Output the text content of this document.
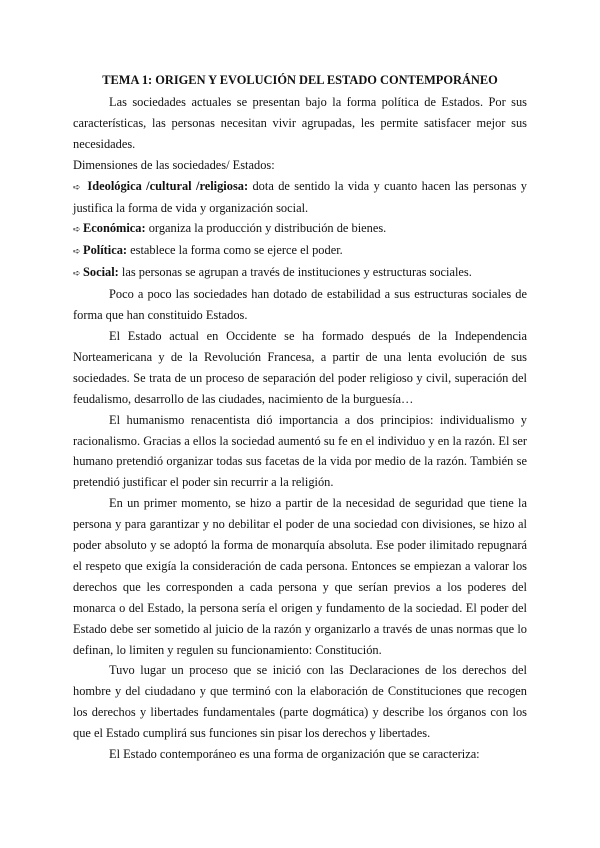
TEMA 1: ORIGEN Y EVOLUCIÓN DEL ESTADO CONTEMPORÁNEO

Las sociedades actuales se presentan bajo la forma política de Estados. Por sus características, las personas necesitan vivir agrupadas, les permite satisfacer mejor sus necesidades.

Dimensiones de las sociedades/ Estados:

➪ Ideológica /cultural /religiosa: dota de sentido la vida y cuanto hacen las personas y justifica la forma de vida y organización social.

➪ Económica: organiza la producción y distribución de bienes.

➪ Política: establece la forma como se ejerce el poder.

➪ Social: las personas se agrupan a través de instituciones y estructuras sociales.

Poco a poco las sociedades han dotado de estabilidad a sus estructuras sociales de forma que han constituido Estados.

El Estado actual en Occidente se ha formado después de la Independencia Norteamericana y de la Revolución Francesa, a partir de una lenta evolución de sus sociedades. Se trata de un proceso de separación del poder religioso y civil, superación del feudalismo, desarrollo de las ciudades, nacimiento de la burguesía…

El humanismo renacentista dió importancia a dos principios: individualismo y racionalismo. Gracias a ellos la sociedad aumentó su fe en el individuo y en la razón. El ser humano pretendió organizar todas sus facetas de la vida por medio de la razón. También se pretendió justificar el poder sin recurrir a la religión.

En un primer momento, se hizo a partir de la necesidad de seguridad que tiene la persona y para garantizar y no debilitar el poder de una sociedad con divisiones, se hizo al poder absoluto y se adoptó la forma de monarquía absoluta. Ese poder ilimitado repugnará el respeto que exigía la consideración de cada persona. Entonces se empiezan a valorar los derechos que les corresponden a cada persona y que serían previos a los poderes del monarca o del Estado, la persona sería el origen y fundamento de la sociedad. El poder del Estado debe ser sometido al juicio de la razón y organizarlo a través de unas normas que lo definan, lo limiten y regulen su funcionamiento: Constitución.

Tuvo lugar un proceso que se inició con las Declaraciones de los derechos del hombre y del ciudadano y que terminó con la elaboración de Constituciones que recogen los derechos y libertades fundamentales (parte dogmática) y describe los órganos con los que el Estado cumplirá sus funciones sin pisar los derechos y libertades.

El Estado contemporáneo es una forma de organización que se caracteriza:
